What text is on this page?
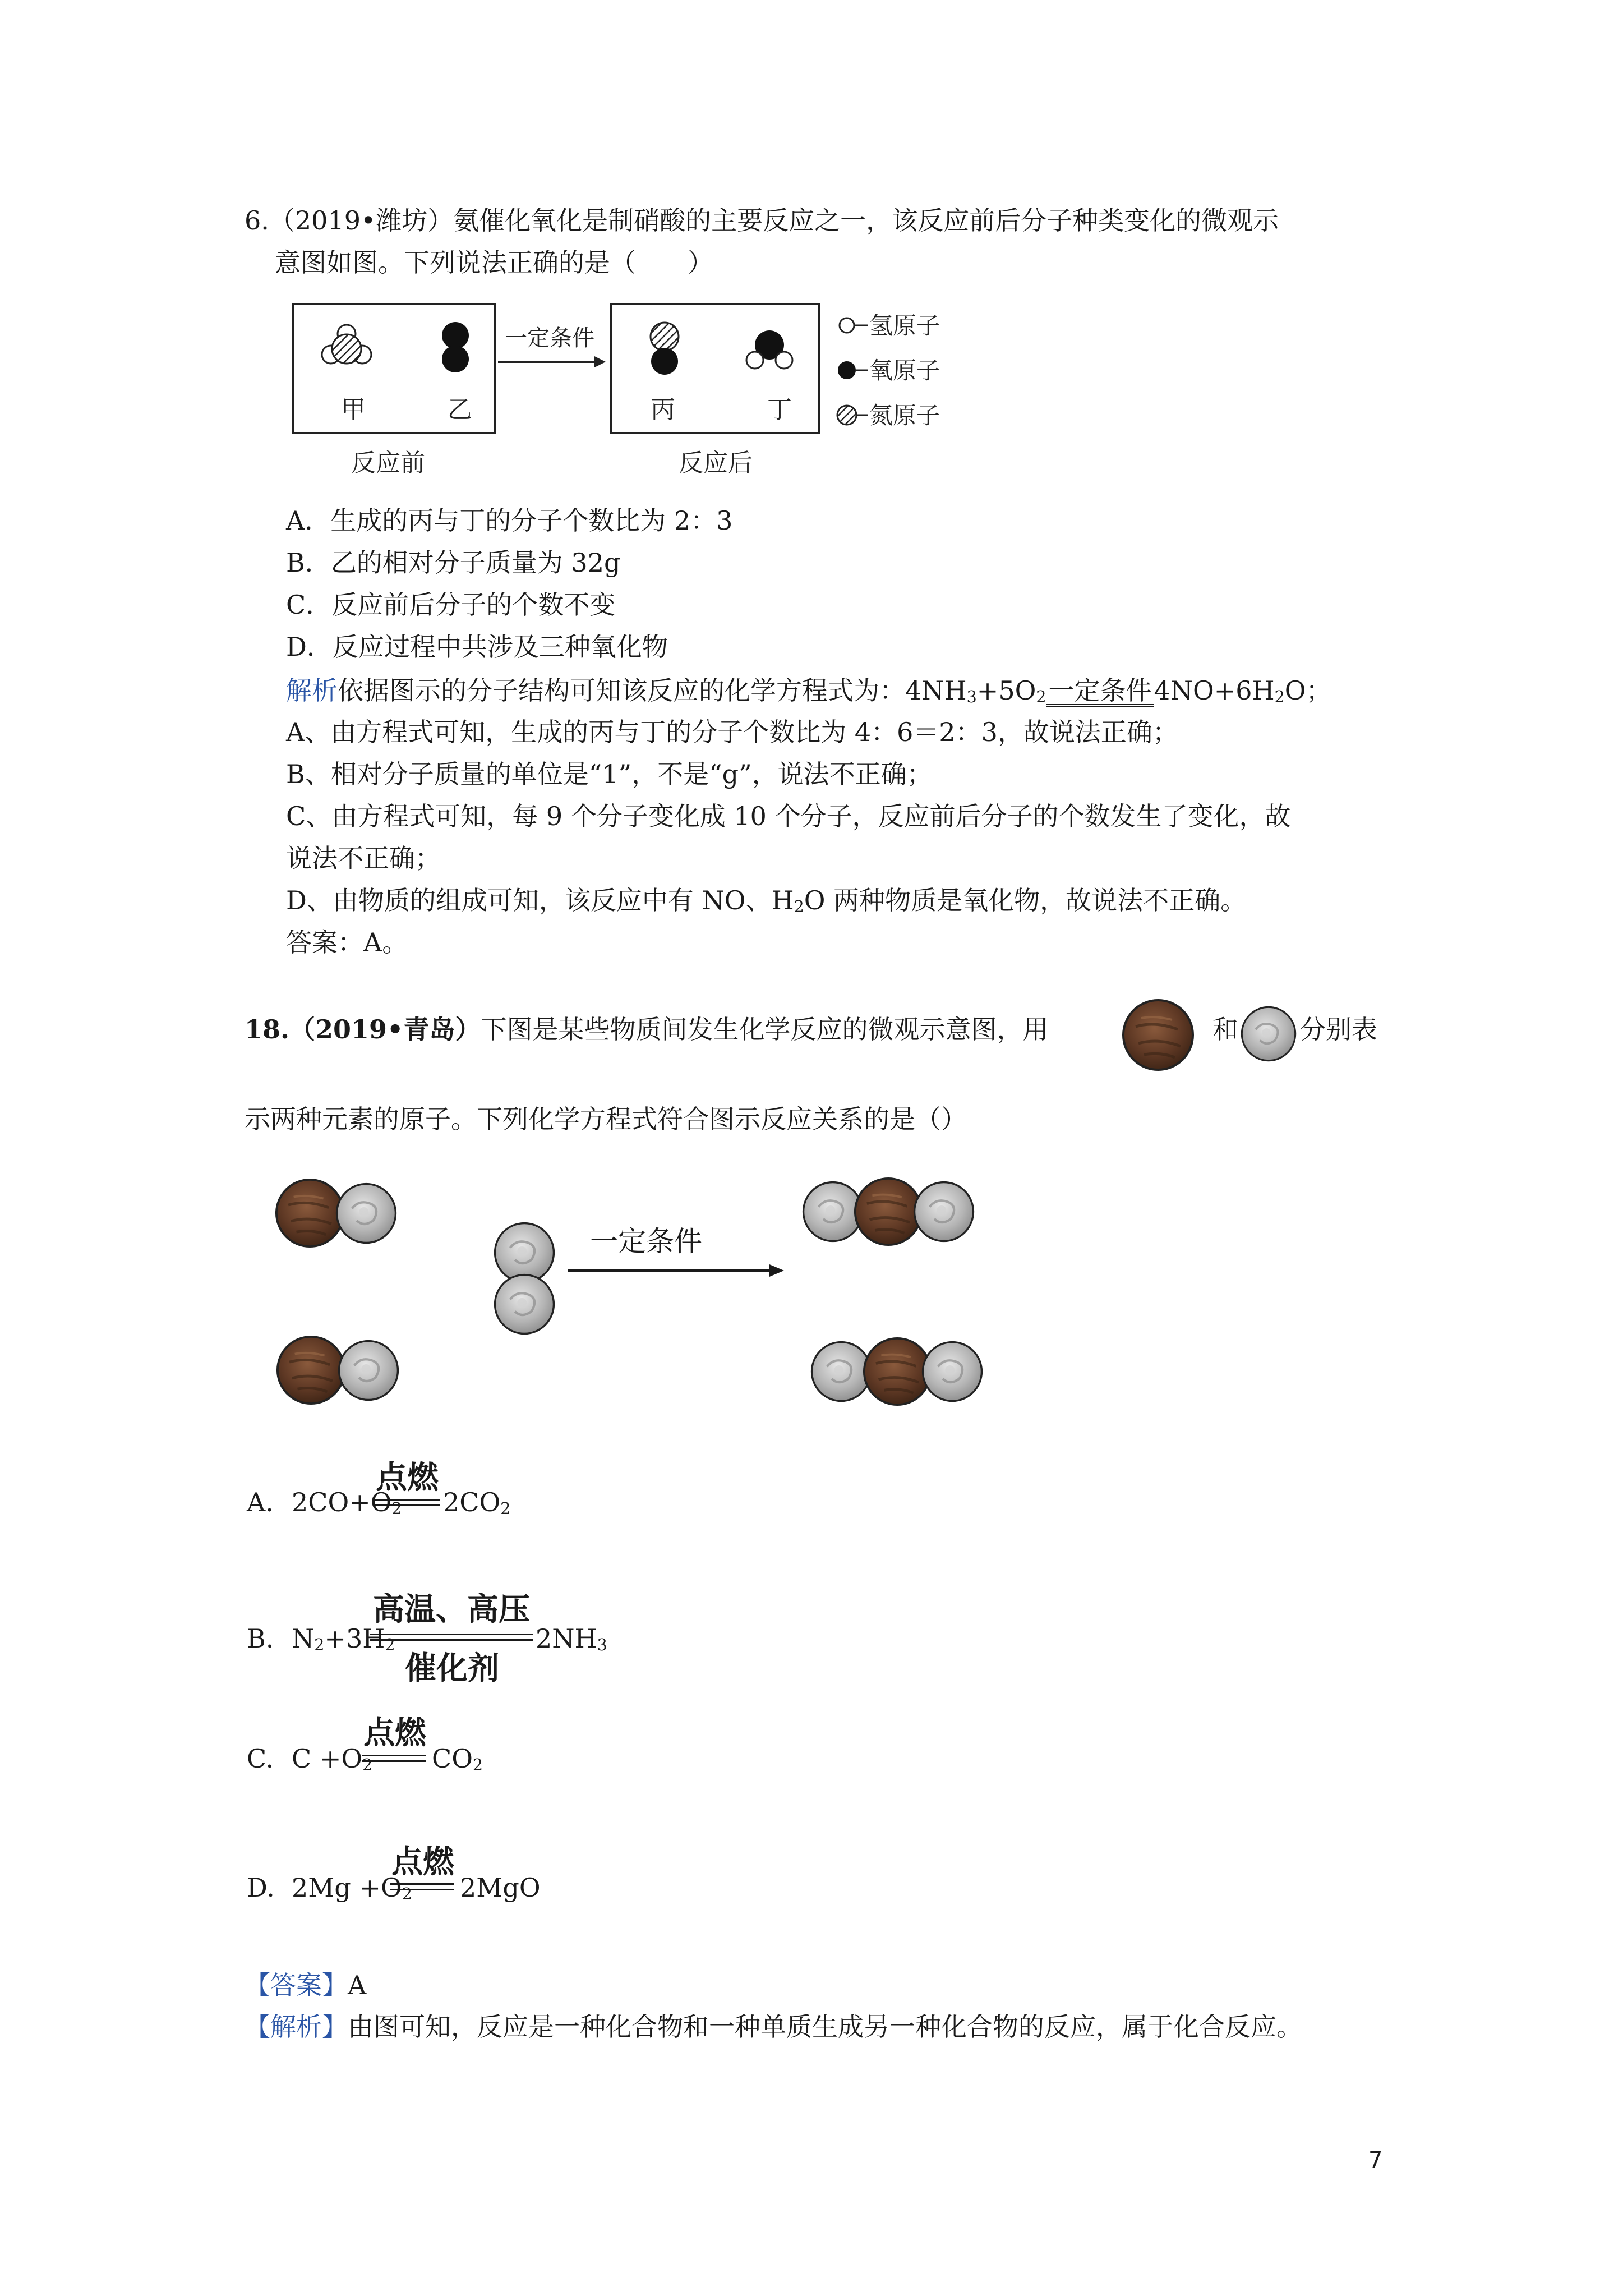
6.（2019•潍坊）氨催化氧化是制硝酸的主要反应之一，该反应前后分子种类变化的微观示
意图如图。下列说法正确的是（　　）
甲	乙
一定条件
丙	丁
氢原子
氧原子
氮原子
反应前	反应后
A．生成的丙与丁的分子个数比为 2：3
B．乙的相对分子质量为 32g
C．反应前后分子的个数不变
D．反应过程中共涉及三种氧化物
解析依据图示的分子结构可知该反应的化学方程式为：$4NH_3+5O_2$一定条件$4NO+6H_2O$；
A、由方程式可知，生成的丙与丁的分子个数比为 4：6＝2：3，故说法正确；
B、相对分子质量的单位是“1”，不是“g”，说法不正确；
C、由方程式可知，每 9 个分子变化成 10 个分子，反应前后分子的个数发生了变化，故
说法不正确；
D、由物质的组成可知，该反应中有 NO、$H_2O$ 两种物质是氧化物，故说法不正确。
答案：A。
18.（2019•青岛）下图是某些物质间发生化学反应的微观示意图，用	和 分别表
示两种元素的原子。下列化学方程式符合图示反应关系的是（）
一定条件
A. $2CO+O_2$
点燃
$2CO_2$
B. $N_2+3H_2$
高温、高压
催化剂
$2NH_3$
C. $C +O_2$
点燃
$CO_2$
D. $2Mg +O_2$
点燃
2MgO
【答案】A
【解析】由图可知，反应是一种化合物和一种单质生成另一种化合物的反应，属于化合反应。
7
